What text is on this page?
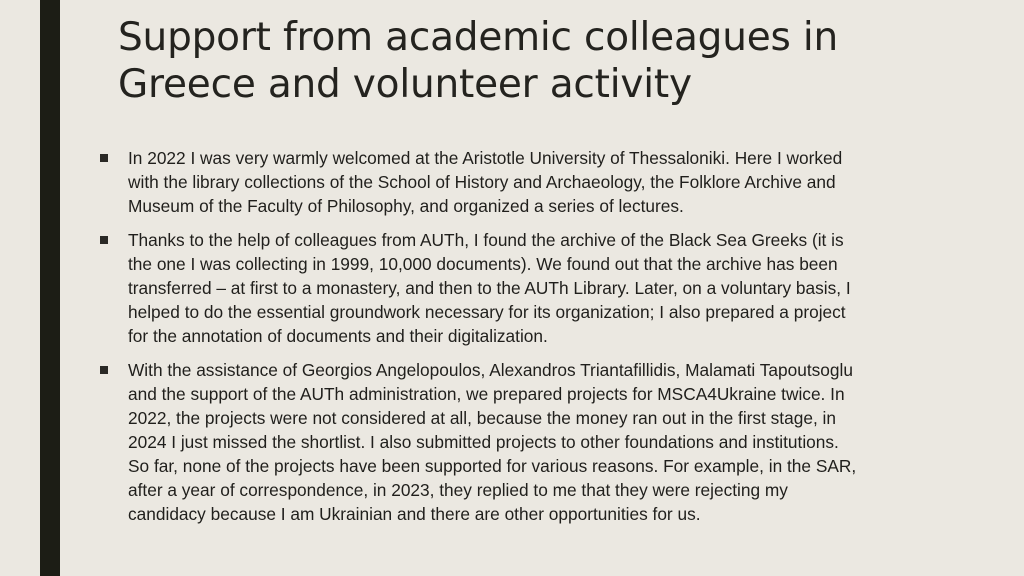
Support from academic colleagues in
Greece and volunteer activity
In 2022 I was very warmly welcomed at the Aristotle University of Thessaloniki. Here I worked
with the library collections of the School of History and Archaeology, the Folklore Archive and
Museum of the Faculty of Philosophy, and organized a series of lectures.
Thanks to the help of colleagues from AUTh, I found the archive of the Black Sea Greeks (it is
the one I was collecting in 1999, 10,000 documents). We found out that the archive has been
transferred – at first to a monastery, and then to the AUTh Library. Later, on a voluntary basis, I
helped to do the essential groundwork necessary for its organization; I also prepared a project
for the annotation of documents and their digitalization.
With the assistance of Georgios Angelopoulos, Alexandros Triantafillidis, Malamati Tapoutsoglu
and the support of the AUTh administration, we prepared projects for MSCA4Ukraine twice. In
2022, the projects were not considered at all, because the money ran out in the first stage, in
2024 I just missed the shortlist. I also submitted projects to other foundations and institutions.
So far, none of the projects have been supported for various reasons. For example, in the SAR,
after a year of correspondence, in 2023, they replied to me that they were rejecting my
candidacy because I am Ukrainian and there are other opportunities for us.
